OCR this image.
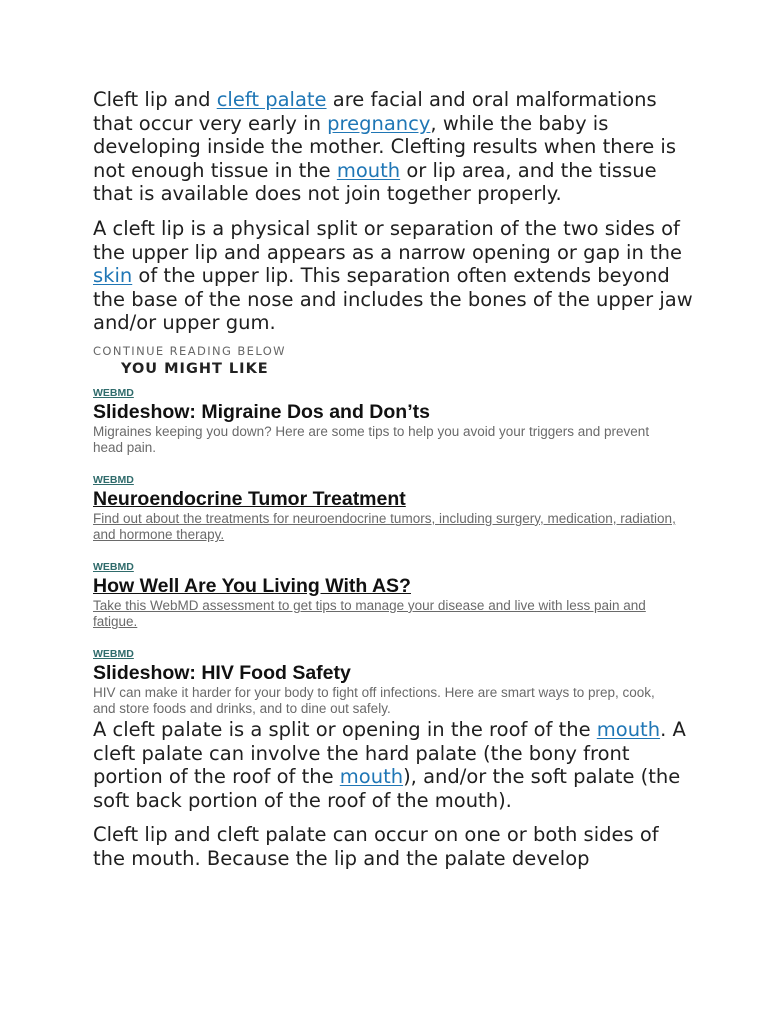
Cleft lip and cleft palate are facial and oral malformations that occur very early in pregnancy, while the baby is developing inside the mother. Clefting results when there is not enough tissue in the mouth or lip area, and the tissue that is available does not join together properly.

A cleft lip is a physical split or separation of the two sides of the upper lip and appears as a narrow opening or gap in the skin of the upper lip. This separation often extends beyond the base of the nose and includes the bones of the upper jaw and/or upper gum.

CONTINUE READING BELOW
YOU MIGHT LIKE
WEBMD
Slideshow: Migraine Dos and Don’ts
Migraines keeping you down? Here are some tips to help you avoid your triggers and prevent head pain.
WEBMD
Neuroendocrine Tumor Treatment
Find out about the treatments for neuroendocrine tumors, including surgery, medication, radiation, and hormone therapy.
WEBMD
How Well Are You Living With AS?
Take this WebMD assessment to get tips to manage your disease and live with less pain and fatigue.
WEBMD
Slideshow: HIV Food Safety
HIV can make it harder for your body to fight off infections. Here are smart ways to prep, cook, and store foods and drinks, and to dine out safely.

A cleft palate is a split or opening in the roof of the mouth. A cleft palate can involve the hard palate (the bony front portion of the roof of the mouth), and/or the soft palate (the soft back portion of the roof of the mouth).

Cleft lip and cleft palate can occur on one or both sides of the mouth. Because the lip and the palate develop
